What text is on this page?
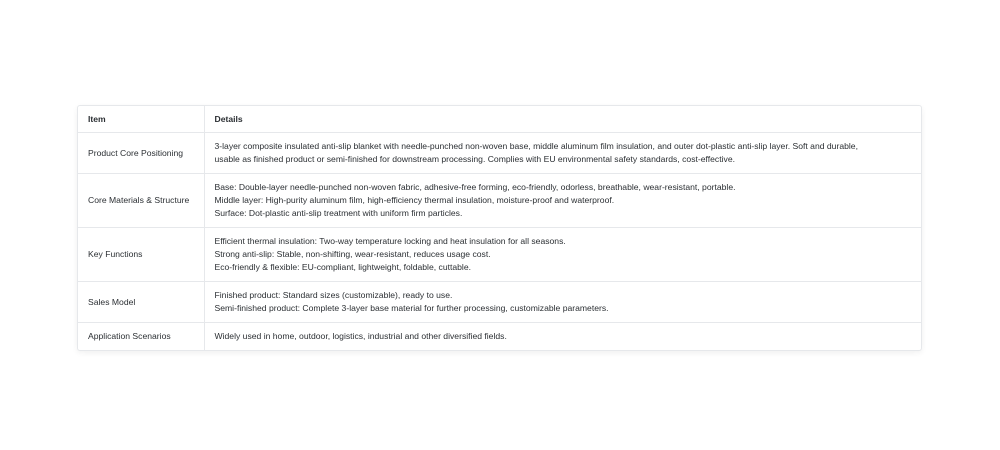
Item	Details
Product Core Positioning	3-layer composite insulated anti-slip blanket with needle-punched non-woven base, middle aluminum film insulation, and outer dot-plastic anti-slip layer. Soft and durable,
usable as finished product or semi-finished for downstream processing. Complies with EU environmental safety standards, cost-effective.

Core Materials & Structure	Base: Double-layer needle-punched non-woven fabric, adhesive-free forming, eco-friendly, odorless, breathable, wear-resistant, portable.
Middle layer: High-purity aluminum film, high-efficiency thermal insulation, moisture-proof and waterproof.
Surface: Dot-plastic anti-slip treatment with uniform firm particles.

Key Functions	Efficient thermal insulation: Two-way temperature locking and heat insulation for all seasons.
Strong anti-slip: Stable, non-shifting, wear-resistant, reduces usage cost.
Eco-friendly & flexible: EU-compliant, lightweight, foldable, cuttable.

Sales Model	Finished product: Standard sizes (customizable), ready to use.
Semi-finished product: Complete 3-layer base material for further processing, customizable parameters.

Application Scenarios	Widely used in home, outdoor, logistics, industrial and other diversified fields.
